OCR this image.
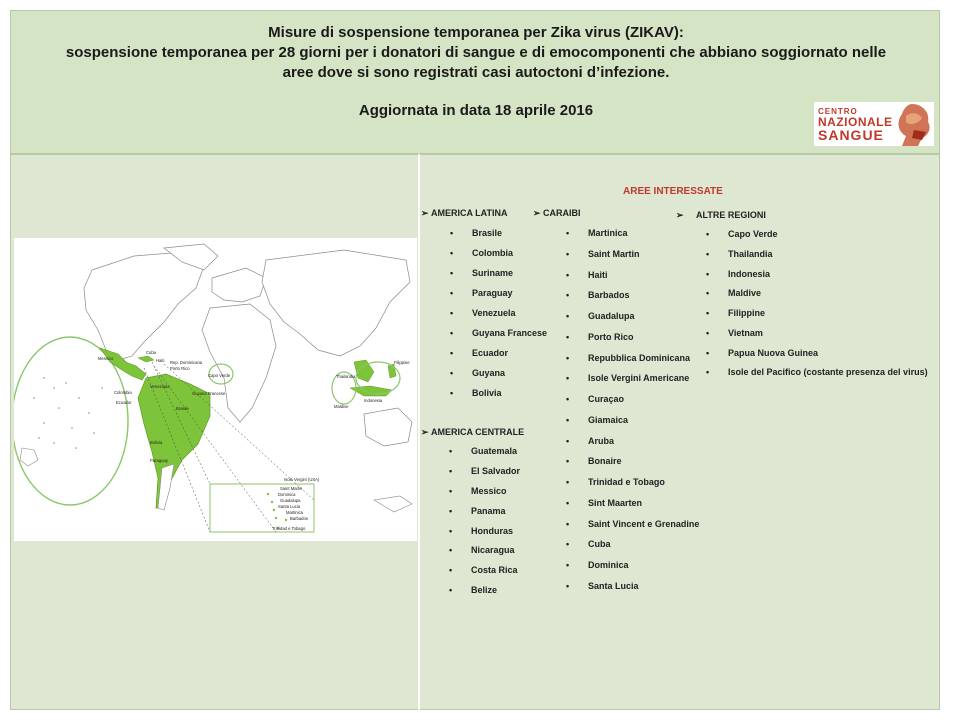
Misure di sospensione temporanea per Zika virus (ZIKAV):
sospensione temporanea per 28 giorni per i donatori di sangue e di emocomponenti che abbiano soggiornato nelle
aree dove si sono registrati casi autoctoni d’infezione.
Aggiornata in data 18 aprile 2016	CENTRO
NAZIONALE
SANGUE
Capo Verde
Maldive
Guyana Francese
Brasile
Bolivia
Paraguay
Ecuador
Colombia
Venezuela
Porto Rico
Haiti Rep. Dominicana
Isole Vergini (USA)
Saint Martin
Dominica
Guadalupa
Santa Lucia
Martinica
Barbados
Trinidad e Tobago
Thailandia
Indonesia
Filippine
Messico
Cuba
AREE INTERESSATE
➢ AMERICA LATINA
• Brasile
• Colombia
• Suriname
• Paraguay
• Venezuela
• Guyana Francese
• Ecuador
• Guyana
• Bolivia
➢ CARAIBI
• Martinica
• Saint Martin
• Haiti
• Barbados
• Guadalupa
• Porto Rico
• Repubblica Dominicana
• Isole Vergini Americane
• Curaçao
• Giamaica
• Aruba
• Bonaire
• Trinidad e Tobago
• Sint Maarten
• Saint Vincent e Grenadine
• Cuba
• Dominica
• Santa Lucia
➢ ALTRE REGIONI
• Capo Verde
• Thailandia
• Indonesia
• Maldive
• Filippine
• Vietnam
• Papua Nuova Guinea
• Isole del Pacifico (costante presenza del virus)
➢ AMERICA CENTRALE
• Guatemala
• El Salvador
• Messico
• Panama
• Honduras
• Nicaragua
• Costa Rica
• Belize
